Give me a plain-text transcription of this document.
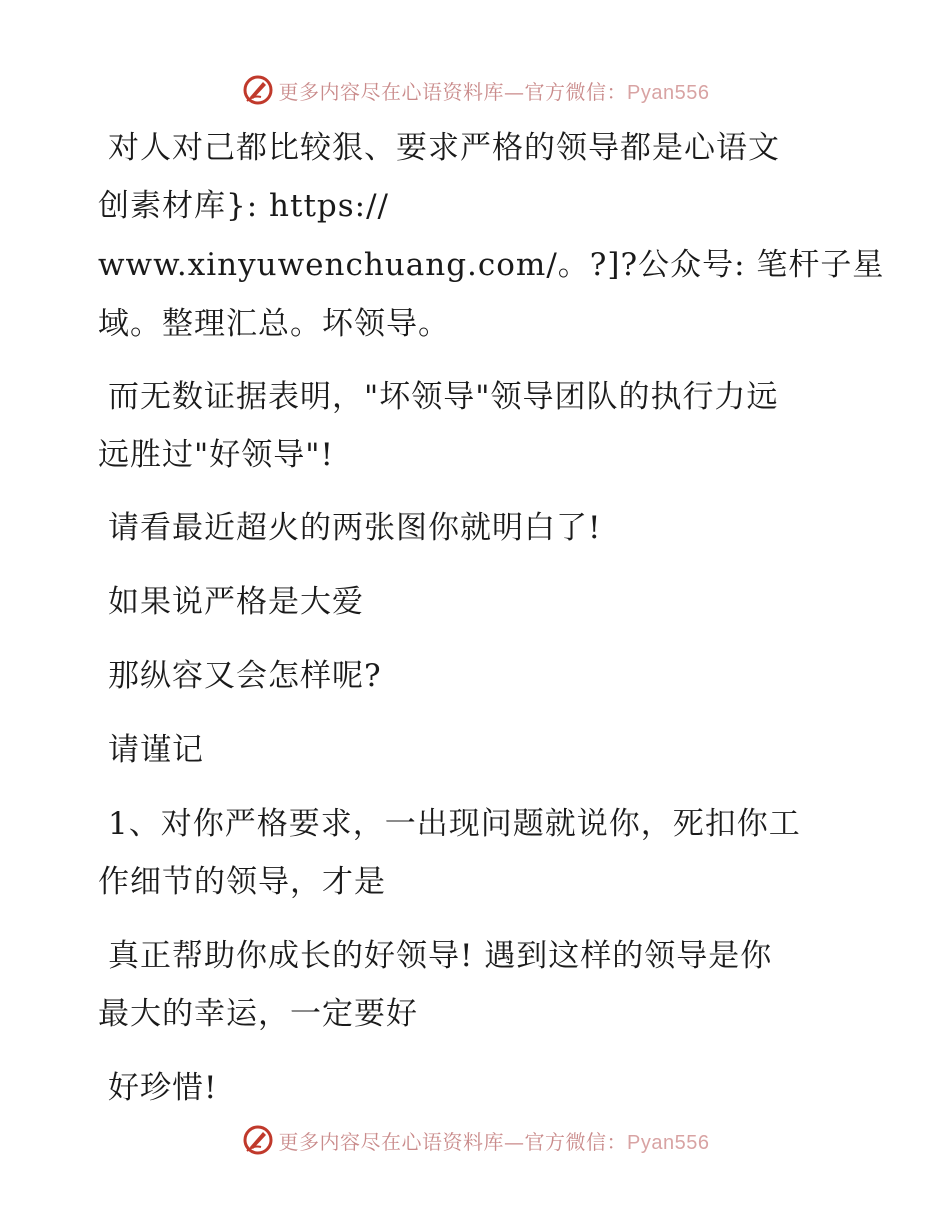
更多内容尽在心语资料库—官方微信：Pyan556
对人对己都比较狠、要求严格的领导都是心语文
创素材库}: https://
www.xinyuwenchuang.com/。?]?公众号: 笔杆子星
域。整理汇总。坏领导。
而无数证据表明，"坏领导"领导团队的执行力远
远胜过"好领导"!
请看最近超火的两张图你就明白了!
如果说严格是大爱
那纵容又会怎样呢?
请谨记
1、对你严格要求，一出现问题就说你，死扣你工
作细节的领导，才是
真正帮助你成长的好领导! 遇到这样的领导是你
最大的幸运，一定要好
好珍惜!
更多内容尽在心语资料库—官方微信：Pyan556
